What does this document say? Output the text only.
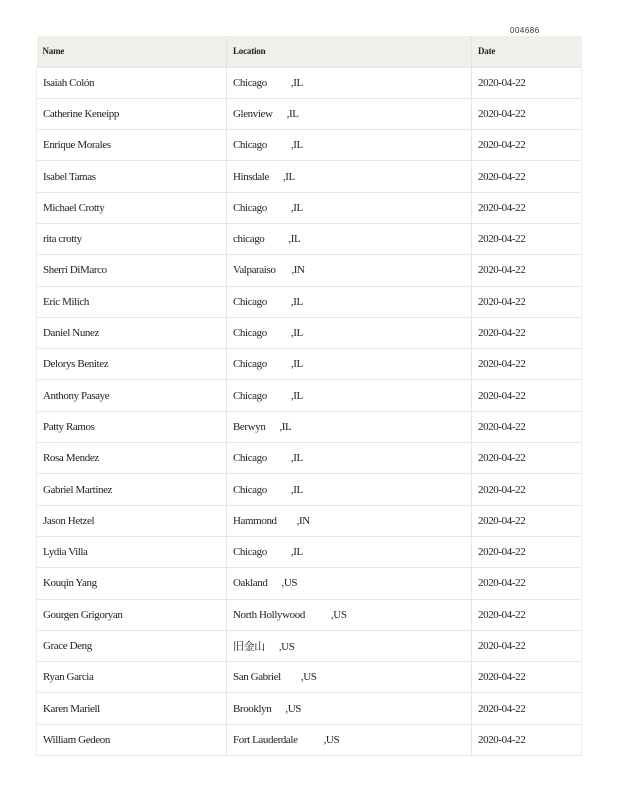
004686
Name	Location	Date
Isaiah Colón	Chicago ,IL	2020-04-22
Catherine Keneipp	Glenview ,IL	2020-04-22
Enrique Morales	Chicago ,IL	2020-04-22
Isabel Tamas	Hinsdale ,IL	2020-04-22
Michael Crotty	Chicago ,IL	2020-04-22
rita crotty	chicago ,IL	2020-04-22
Sherri DiMarco	Valparaiso ,IN	2020-04-22
Eric Milich	Chicago ,IL	2020-04-22
Daniel Nunez	Chicago ,IL	2020-04-22
Delorys Benitez	Chicago ,IL	2020-04-22
Anthony Pasaye	Chicago ,IL	2020-04-22
Patty Ramos	Berwyn ,IL	2020-04-22
Rosa Mendez	Chicago ,IL	2020-04-22
Gabriel Martinez	Chicago ,IL	2020-04-22
Jason Hetzel	Hammond ,IN	2020-04-22
Lydia Villa	Chicago ,IL	2020-04-22
Kouqin Yang	Oakland ,US	2020-04-22
Gourgen Grigoryan	North Hollywood ,US	2020-04-22
Grace Deng	旧金山 ,US	2020-04-22
Ryan Garcia	San Gabriel ,US	2020-04-22
Karen Mariell	Brooklyn ,US	2020-04-22
William Gedeon	Fort Lauderdale ,US	2020-04-22
